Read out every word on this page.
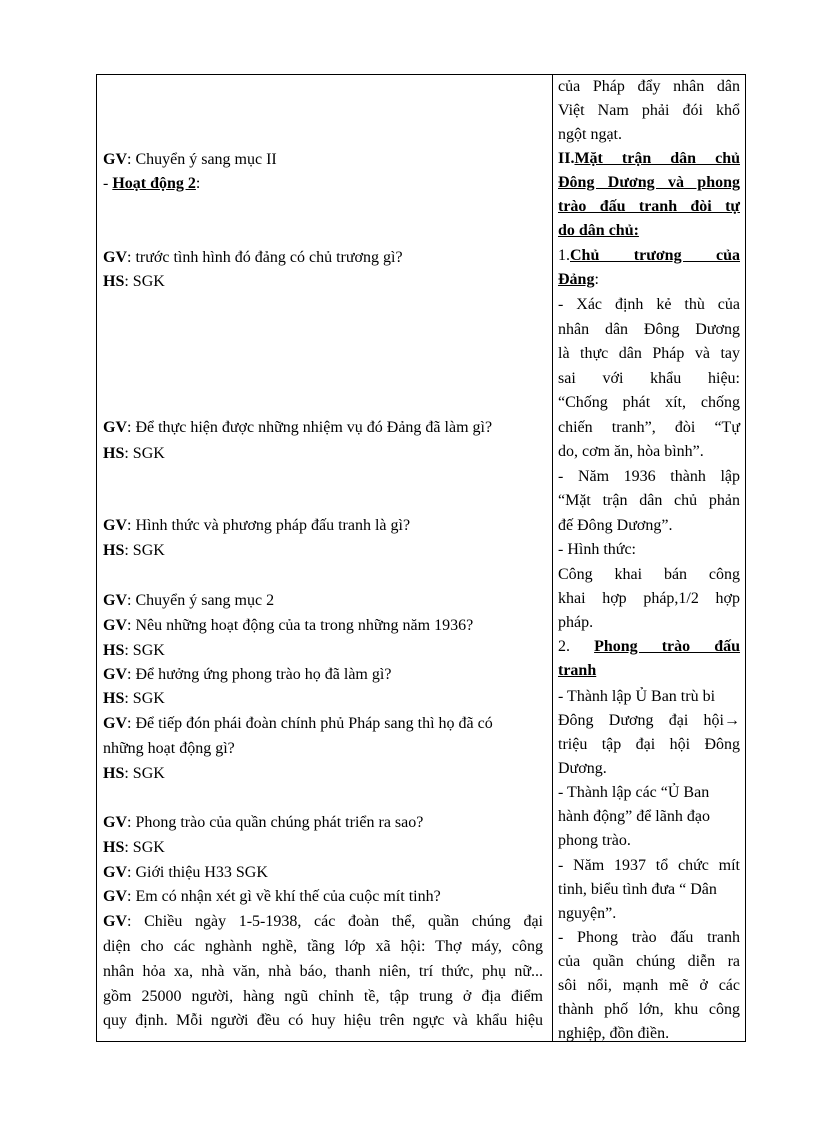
GV: Chuyển ý sang mục II
- Hoạt động 2:
GV: trước tình hình đó đảng có chủ trương gì?
HS: SGK
GV: Để thực hiện được những nhiệm vụ đó Đảng đã làm gì?
HS: SGK
GV: Hình thức và phương pháp đấu tranh là gì?
HS: SGK
GV: Chuyển ý sang mục 2
GV: Nêu những hoạt động của ta trong những năm 1936?
HS: SGK
GV: Để hưởng ứng phong trào họ đã làm gì?
HS: SGK
GV: Để tiếp đón phái đoàn chính phủ Pháp sang thì họ đã có
những hoạt động gì?
HS: SGK
GV: Phong trào của quần chúng phát triển ra sao?
HS: SGK
GV: Giới thiệu H33 SGK
GV: Em có nhận xét gì về khí thế của cuộc mít tinh?
GV: Chiều ngày 1-5-1938, các đoàn thể, quần chúng đại
diện cho các nghành nghề, tầng lớp xã hội: Thợ máy, công
nhân hỏa xa, nhà văn, nhà báo, thanh niên, trí thức, phụ nữ...
gồm 25000 người, hàng ngũ chỉnh tề, tập trung ở địa điểm
quy định. Mỗi người đều có huy hiệu trên ngực và khẩu hiệu
của Pháp đẩy nhân dân
Việt Nam phải đói khổ
ngột ngạt.
II.Mặt trận dân chủ
Đông Dương và phong
trào đấu tranh đòi tự
do dân chủ:
1.Chủ trương của
Đảng:
- Xác định kẻ thù của
nhân dân Đông Dương
là thực dân Pháp và tay
sai với khẩu hiệu:
“Chống phát xít, chống
chiến tranh”, đòi “Tự
do, cơm ăn, hòa bình”.
- Năm 1936 thành lập
“Mặt trận dân chủ phản
đế Đông Dương”.
- Hình thức:
Công khai bán công
khai hợp pháp,1/2 hợp
pháp.
2. Phong trào đấu
tranh
- Thành lập Ủ Ban trù bi
Đông Dương đại hội→
triệu tập đại hội Đông
Dương.
- Thành lập các “Ủ Ban
hành động” để lãnh đạo
phong trào.
- Năm 1937 tổ chức mít
tinh, biểu tình đưa “ Dân
nguyện”.
- Phong trào đấu tranh
của quần chúng diễn ra
sôi nổi, mạnh mẽ ở các
thành phố lớn, khu công
nghiệp, đồn điền.
